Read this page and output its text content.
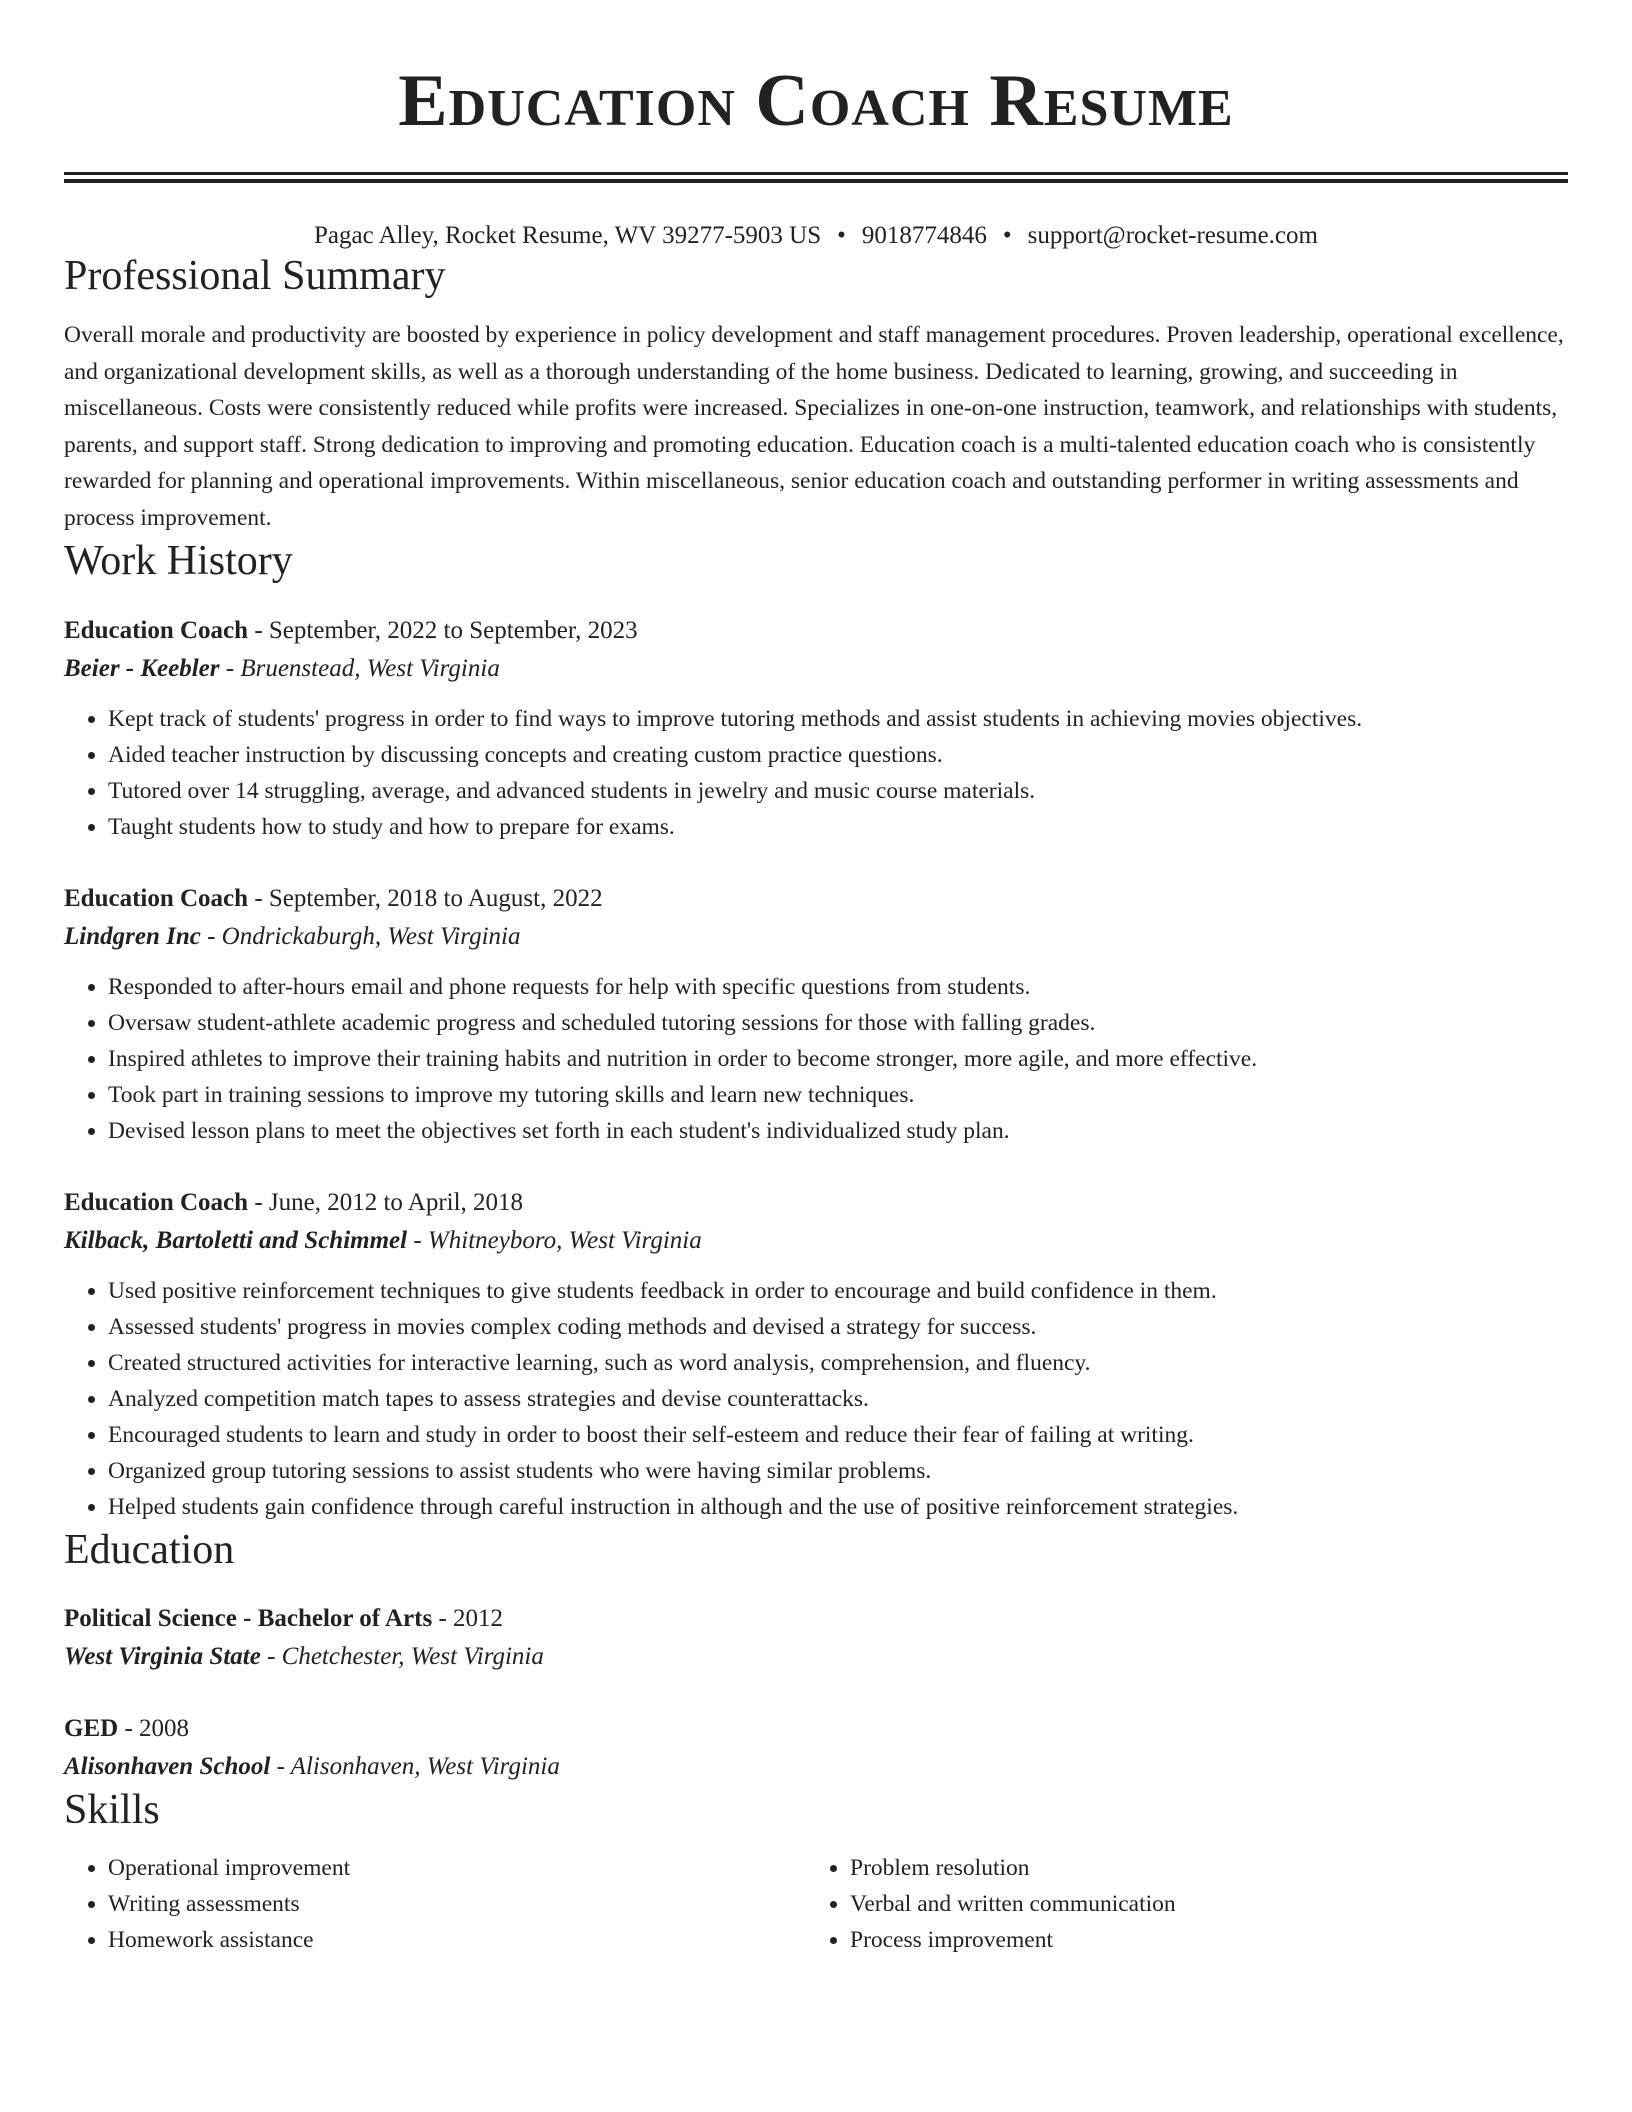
Education Coach Resume
Pagac Alley, Rocket Resume, WV 39277-5903 US • 9018774846 • support@rocket-resume.com
Professional Summary

Overall morale and productivity are boosted by experience in policy development and staff management procedures. Proven leadership, operational excellence, and organizational development skills, as well as a thorough understanding of the home business. Dedicated to learning, growing, and succeeding in miscellaneous. Costs were consistently reduced while profits were increased. Specializes in one-on-one instruction, teamwork, and relationships with students, parents, and support staff. Strong dedication to improving and promoting education. Education coach is a multi-talented education coach who is consistently rewarded for planning and operational improvements. Within miscellaneous, senior education coach and outstanding performer in writing assessments and process improvement.

Work History
Education Coach - September, 2022 to September, 2023
Beier - Keebler - Bruenstead, West Virginia
• Kept track of students' progress in order to find ways to improve tutoring methods and assist students in achieving movies objectives.
• Aided teacher instruction by discussing concepts and creating custom practice questions.
• Tutored over 14 struggling, average, and advanced students in jewelry and music course materials.
• Taught students how to study and how to prepare for exams.
Education Coach - September, 2018 to August, 2022
Lindgren Inc - Ondrickaburgh, West Virginia
• Responded to after-hours email and phone requests for help with specific questions from students.
• Oversaw student-athlete academic progress and scheduled tutoring sessions for those with falling grades.
• Inspired athletes to improve their training habits and nutrition in order to become stronger, more agile, and more effective.
• Took part in training sessions to improve my tutoring skills and learn new techniques.
• Devised lesson plans to meet the objectives set forth in each student's individualized study plan.
Education Coach - June, 2012 to April, 2018
Kilback, Bartoletti and Schimmel - Whitneyboro, West Virginia
• Used positive reinforcement techniques to give students feedback in order to encourage and build confidence in them.
• Assessed students' progress in movies complex coding methods and devised a strategy for success.
• Created structured activities for interactive learning, such as word analysis, comprehension, and fluency.
• Analyzed competition match tapes to assess strategies and devise counterattacks.
• Encouraged students to learn and study in order to boost their self-esteem and reduce their fear of failing at writing.
• Organized group tutoring sessions to assist students who were having similar problems.
• Helped students gain confidence through careful instruction in although and the use of positive reinforcement strategies.
Education
Political Science - Bachelor of Arts - 2012
West Virginia State - Chetchester, West Virginia
GED - 2008
Alisonhaven School - Alisonhaven, West Virginia
Skills
• Operational improvement
• Writing assessments
• Homework assistance
• Problem resolution
• Verbal and written communication
• Process improvement
